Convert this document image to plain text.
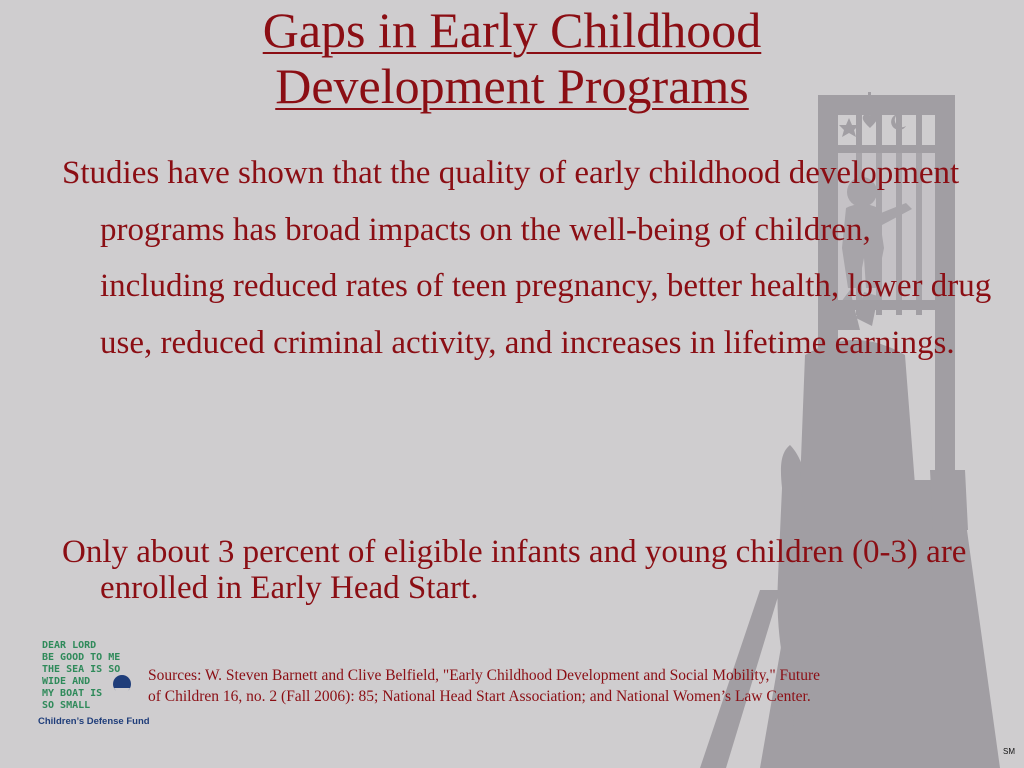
Gaps in Early Childhood
Development Programs
Studies have shown that the quality of early childhood development programs has broad impacts on the well-being of children, including reduced rates of teen pregnancy, better health, lower drug use, reduced criminal activity, and increases in lifetime earnings.
Only about 3 percent of eligible infants and young children (0-3) are enrolled in Early Head Start.
DEAR LORD
BE GOOD TO ME
THE SEA IS SO
WIDE AND
MY BOAT IS
SO SMALL
Children’s Defense Fund
Sources: W. Steven Barnett and Clive Belfield, "Early Childhood Development and Social Mobility," Future of Children 16, no. 2 (Fall 2006): 85; National Head Start Association; and National Women’s Law Center.
SM
